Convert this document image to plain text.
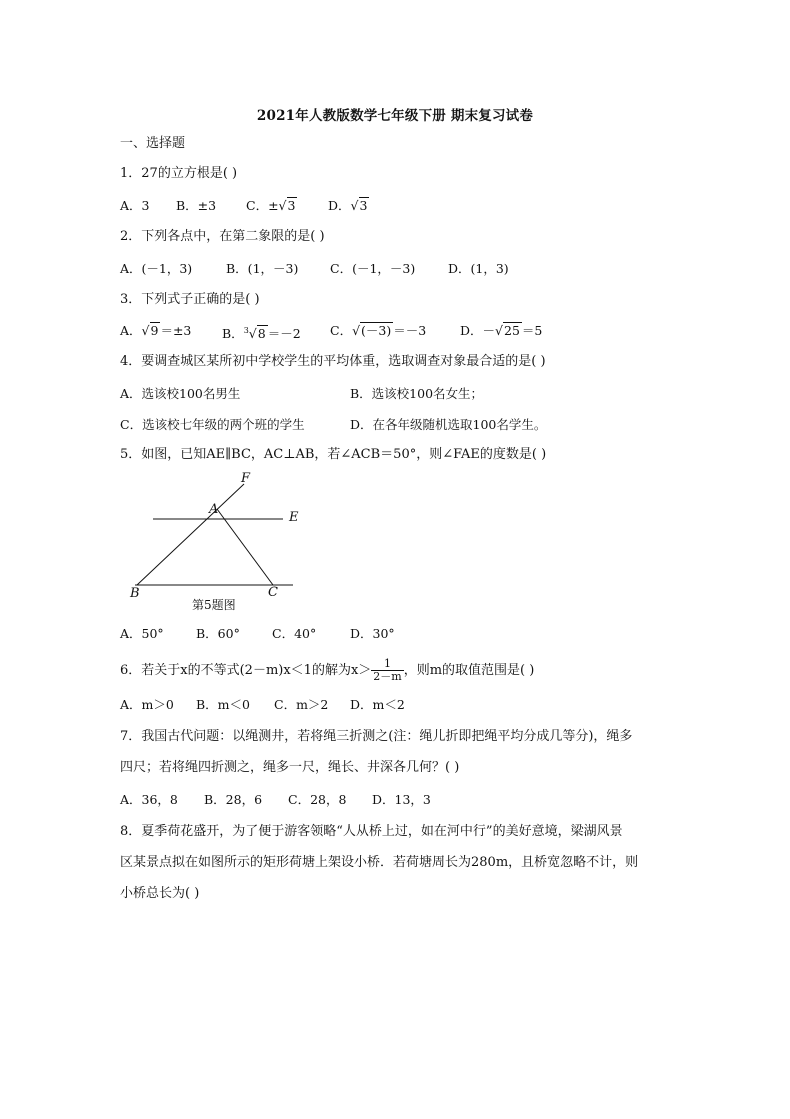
2021年人教版数学七年级下册 期末复习试卷
一、选择题
1．27的立方根是( )
A．3 B．±3 C．±√3	D．√3
2．下列各点中，在第二象限的是( )
A．(－1，3)	B．(1，－3)	C．(－1，－3)	D．(1，3)
3．下列式子正确的是( )
A．√9 ＝±3 B．$^3$√8 ＝－2 C．√(－3) ＝－3	D．－√25 ＝5
4．要调查城区某所初中学校学生的平均体重，选取调查对象最合适的是( )
A．选该校100名男生	B．选该校100名女生；
C．选该校七年级的两个班的学生	D．在各年级随机选取100名学生。
5．如图，已知AE∥BC，AC⊥AB，若∠ACB＝50°，则∠FAE的度数是( )
F
A
E
B	C
第5题图
A．50°	B．60°	C．40°	D．30°
6．若关于x的不等式(2－m)x＜1的解为$x> \frac{1}{2-m}$ ，则m的取值范围是( )
A．m＞0 B．m＜0 C．m＞2 D．m＜2
7．我国古代问题：以绳测井，若将绳三折测之(注：绳儿折即把绳平均分成几等分)，绳多
四尺；若将绳四折测之，绳多一尺，绳长、井深各几何？( )
A．36，8 B．28，6 C．28，8 D．13，3
8．夏季荷花盛开，为了便于游客领略“人从桥上过，如在河中行”的美好意境，梁湖风景
区某景点拟在如图所示的矩形荷塘上架设小桥．若荷塘周长为280m，且桥宽忽略不计，则
小桥总长为( )
